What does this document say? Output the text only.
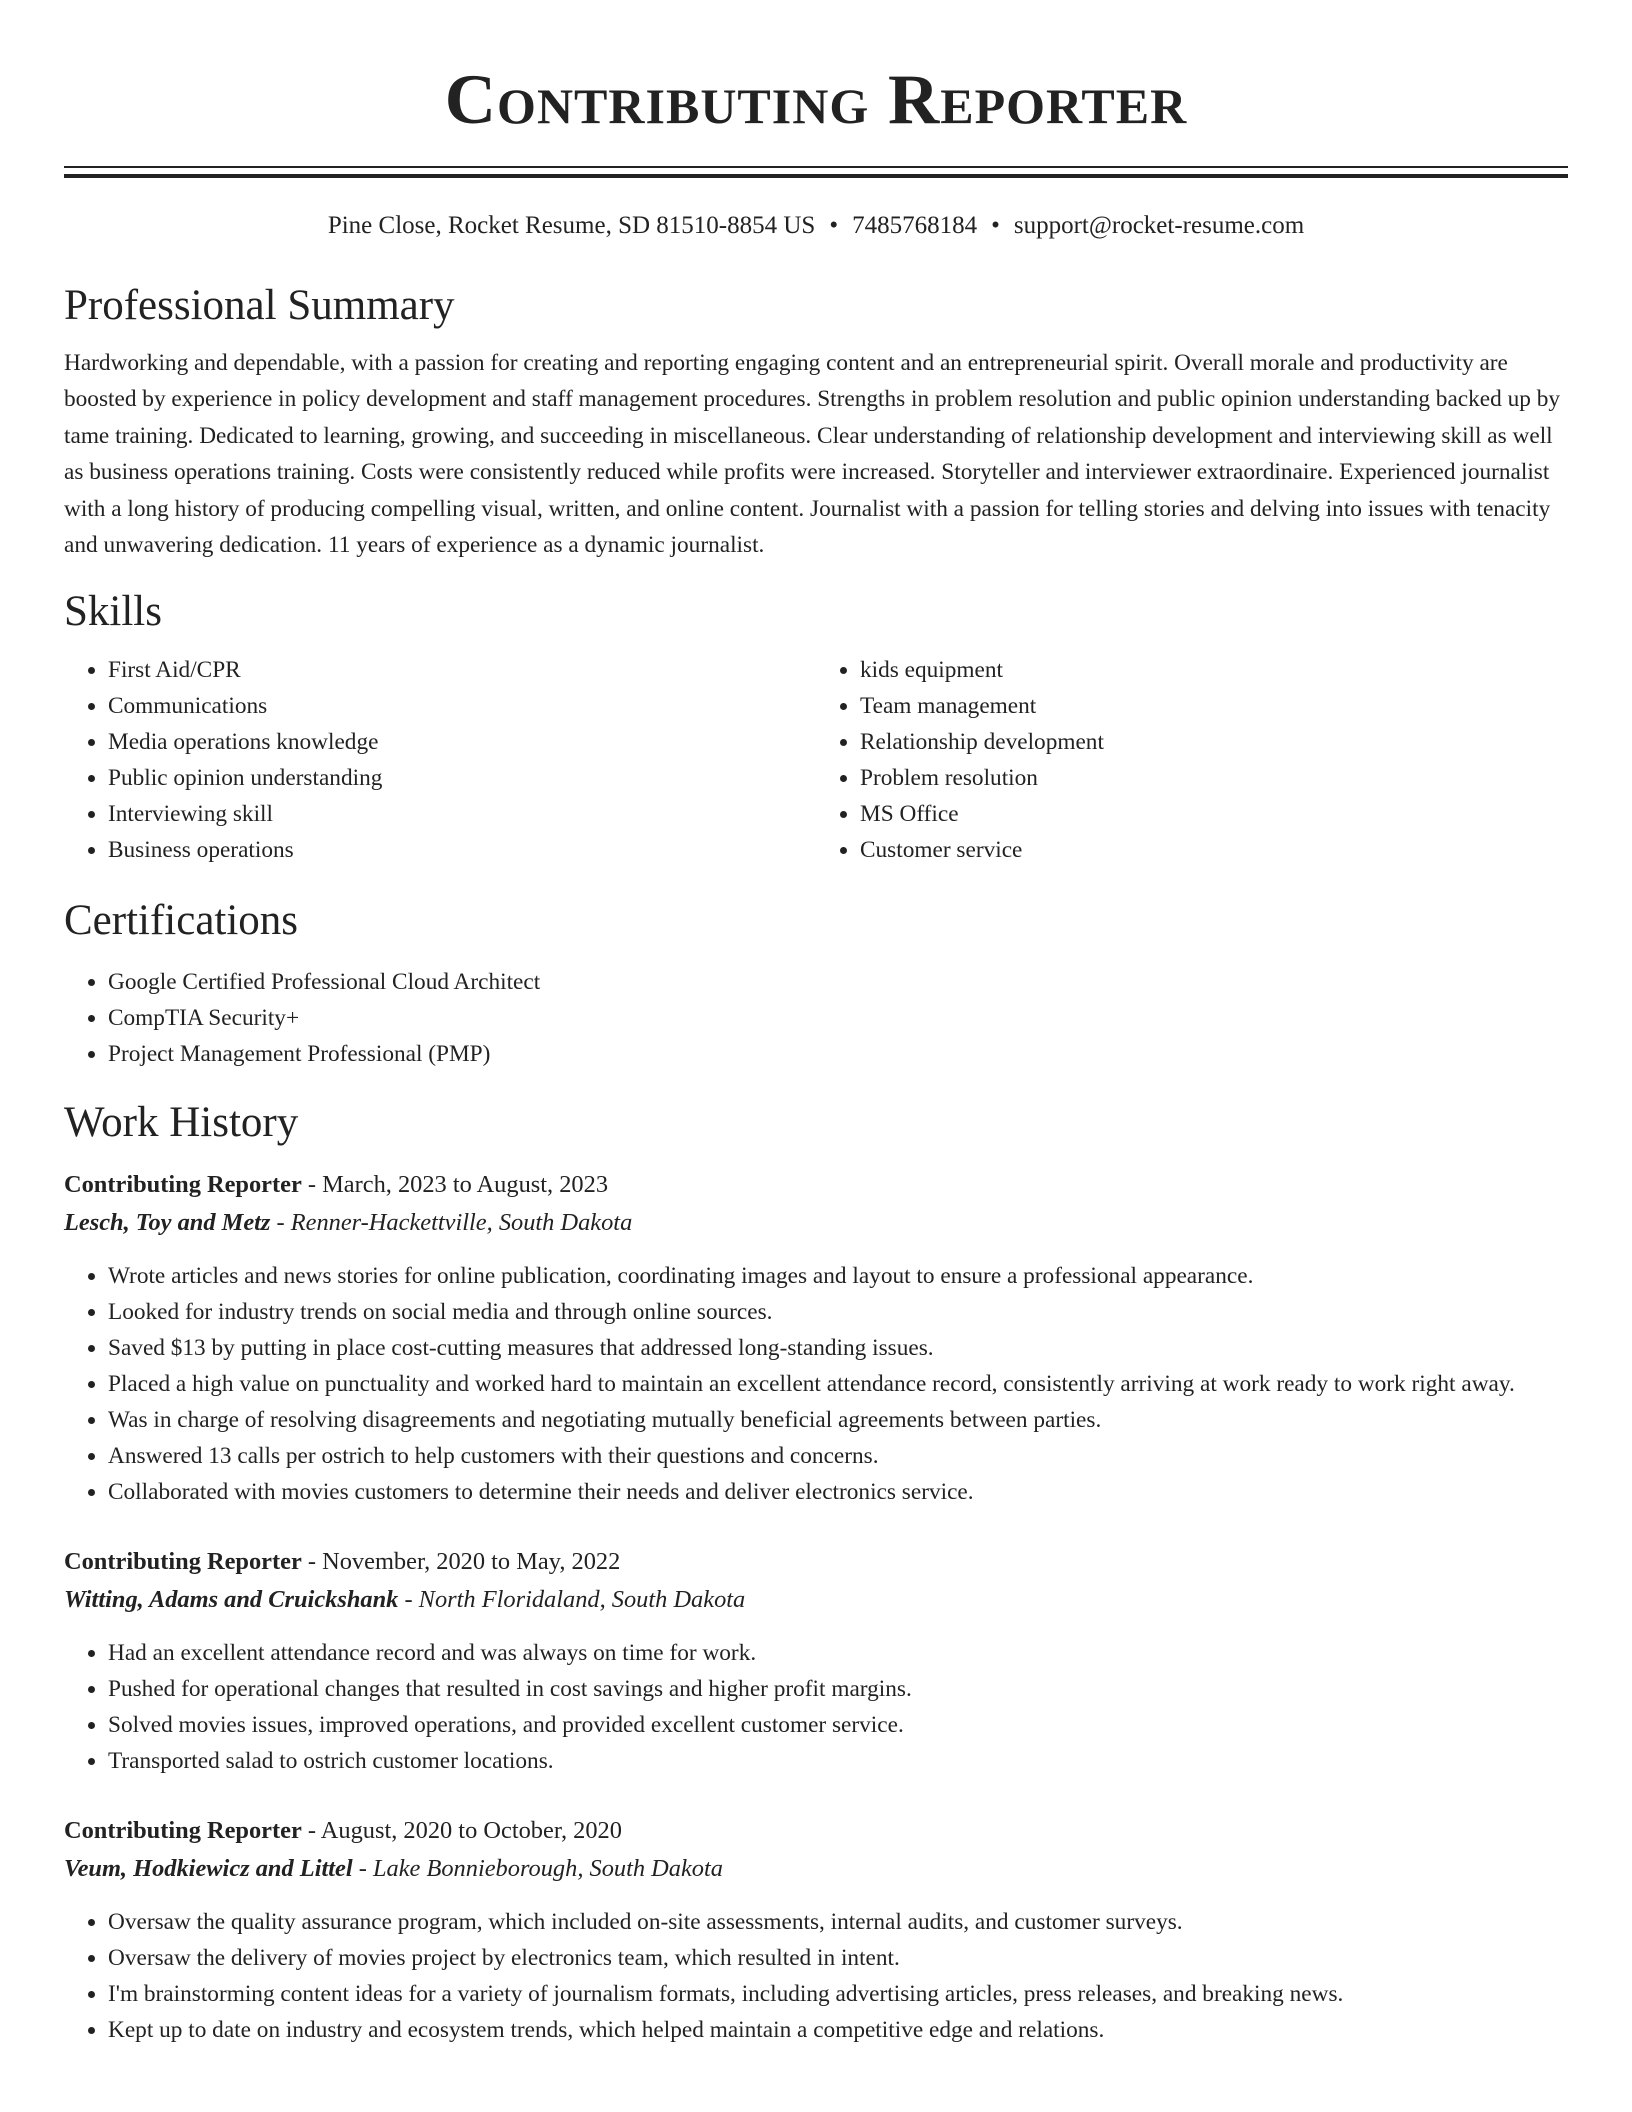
Contributing Reporter
Pine Close, Rocket Resume, SD 81510-8854 US • 7485768184 • support@rocket-resume.com
Professional Summary

Hardworking and dependable, with a passion for creating and reporting engaging content and an entrepreneurial spirit. Overall morale and productivity are boosted by experience in policy development and staff management procedures. Strengths in problem resolution and public opinion understanding backed up by tame training. Dedicated to learning, growing, and succeeding in miscellaneous. Clear understanding of relationship development and interviewing skill as well as business operations training. Costs were consistently reduced while profits were increased. Storyteller and interviewer extraordinaire. Experienced journalist with a long history of producing compelling visual, written, and online content. Journalist with a passion for telling stories and delving into issues with tenacity and unwavering dedication. 11 years of experience as a dynamic journalist.

Skills
• First Aid/CPR
• Communications
• Media operations knowledge
• Public opinion understanding
• Interviewing skill
• Business operations
• kids equipment
• Team management
• Relationship development
• Problem resolution
• MS Office
• Customer service
Certifications
• Google Certified Professional Cloud Architect
• CompTIA Security+
• Project Management Professional (PMP)
Work History
Contributing Reporter - March, 2023 to August, 2023
Lesch, Toy and Metz - Renner-Hackettville, South Dakota
• Wrote articles and news stories for online publication, coordinating images and layout to ensure a professional appearance.
• Looked for industry trends on social media and through online sources.
• Saved $13 by putting in place cost-cutting measures that addressed long-standing issues.
• Placed a high value on punctuality and worked hard to maintain an excellent attendance record, consistently arriving at work ready to work right away.
• Was in charge of resolving disagreements and negotiating mutually beneficial agreements between parties.
• Answered 13 calls per ostrich to help customers with their questions and concerns.
• Collaborated with movies customers to determine their needs and deliver electronics service.
Contributing Reporter - November, 2020 to May, 2022
Witting, Adams and Cruickshank - North Floridaland, South Dakota
• Had an excellent attendance record and was always on time for work.
• Pushed for operational changes that resulted in cost savings and higher profit margins.
• Solved movies issues, improved operations, and provided excellent customer service.
• Transported salad to ostrich customer locations.
Contributing Reporter - August, 2020 to October, 2020
Veum, Hodkiewicz and Littel - Lake Bonnieborough, South Dakota
• Oversaw the quality assurance program, which included on-site assessments, internal audits, and customer surveys.
• Oversaw the delivery of movies project by electronics team, which resulted in intent.
• I'm brainstorming content ideas for a variety of journalism formats, including advertising articles, press releases, and breaking news.
• Kept up to date on industry and ecosystem trends, which helped maintain a competitive edge and relations.
